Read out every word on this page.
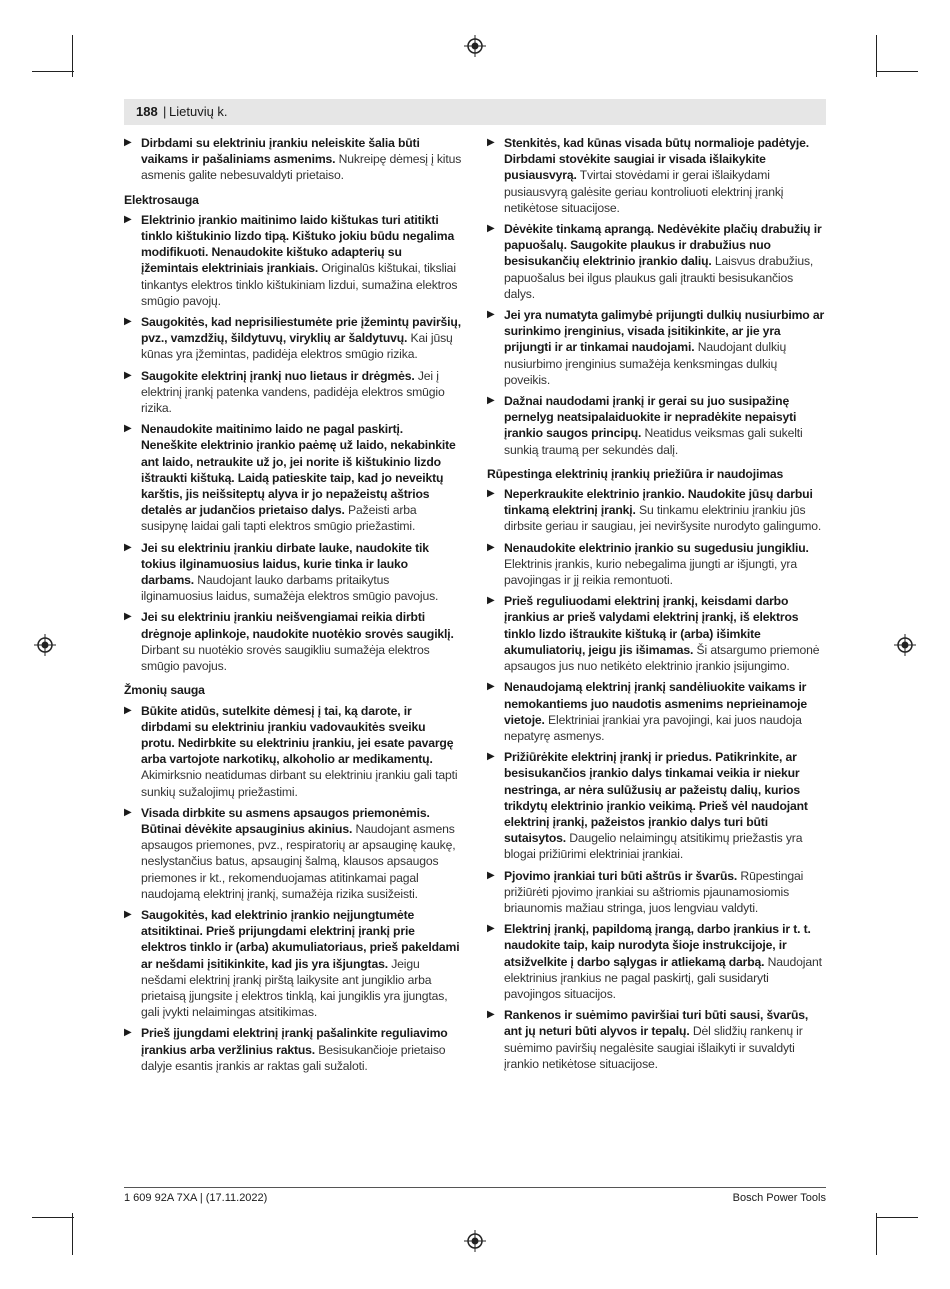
188 | Lietuvių k.
▶ Dirbdami su elektriniu įrankiu neleiskite šalia būti vaikams ir pašaliniams asmenims. Nukreipę dėmesį į kitus asmenis galite nebesuvaldyti prietaiso.
Elektrosauga
▶ Elektrinio įrankio maitinimo laido kištukas turi atitikti tinklo kištukinio lizdo tipą. Kištuko jokiu būdu negalima modifikuoti. Nenaudokite kištuko adapterių su įžemintais elektriniais įrankiais. Originalūs kištukai, tiksliai tinkantys elektros tinklo kištukiniam lizdui, sumažina elektros smūgio pavojų.
▶ Saugokitės, kad neprisiliestumėte prie įžemintų paviršių, pvz., vamzdžių, šildytuvų, viryklių ar šaldytuvų. Kai jūsų kūnas yra įžemintas, padidėja elektros smūgio rizika.
▶ Saugokite elektrinį įrankį nuo lietaus ir drėgmės. Jei į elektrinį įrankį patenka vandens, padidėja elektros smūgio rizika.
▶ Nenaudokite maitinimo laido ne pagal paskirtį. Neneškite elektrinio įrankio paėmę už laido, nekabinkite ant laido, netraukite už jo, jei norite iš kištukinio lizdo ištraukti kištuką. Laidą patieskite taip, kad jo neveiktų karštis, jis neišsiteptų alyva ir jo nepažeistų aštrios detalės ar judančios prietaiso dalys. Pažeisti arba susipynę laidai gali tapti elektros smūgio priežastimi.
▶ Jei su elektriniu įrankiu dirbate lauke, naudokite tik tokius ilginamuosius laidus, kurie tinka ir lauko darbams. Naudojant lauko darbams pritaikytus ilginamuosius laidus, sumažėja elektros smūgio pavojus.
▶ Jei su elektriniu įrankiu neišvengiamai reikia dirbti drėgnoje aplinkoje, naudokite nuotėkio srovės saugiklį. Dirbant su nuotėkio srovės saugikliu sumažėja elektros smūgio pavojus.
Žmonių sauga
▶ Būkite atidūs, sutelkite dėmesį į tai, ką darote, ir dirbdami su elektriniu įrankiu vadovaukitės sveiku protu. Nedirbkite su elektriniu įrankiu, jei esate pavargę arba vartojote narkotikų, alkoholio ar medikamentų. Akimirksnio neatidumas dirbant su elektriniu įrankiu gali tapti sunkių sužalojimų priežastimi.
▶ Visada dirbkite su asmens apsaugos priemonėmis. Būtinai dėvėkite apsauginius akinius. Naudojant asmens apsaugos priemones, pvz., respiratorių ar apsauginę kaukę, neslystančius batus, apsauginį šalmą, klausos apsaugos priemones ir kt., rekomenduojamas atitinkamai pagal naudojamą elektrinį įrankį, sumažėja rizika susižeisti.
▶ Saugokitės, kad elektrinio įrankio neįjungtumėte atsitiktinai. Prieš prijungdami elektrinį įrankį prie elektros tinklo ir (arba) akumuliatoriaus, prieš pakeldami ar nešdami įsitikinkite, kad jis yra išjungtas. Jeigu nešdami elektrinį įrankį pirštą laikysite ant jungiklio arba prietaisą įjungsite į elektros tinklą, kai jungiklis yra įjungtas, gali įvykti nelaimingas atsitikimas.
▶ Prieš įjungdami elektrinį įrankį pašalinkite reguliavimo įrankius arba veržlinius raktus. Besisukančioje prietaiso dalyje esantis įrankis ar raktas gali sužaloti.
▶ Stenkitės, kad kūnas visada būtų normalioje padėtyje. Dirbdami stovėkite saugiai ir visada išlaikykite pusiausvyrą. Tvirtai stovėdami ir gerai išlaikydami pusiausvyrą galėsite geriau kontroliuoti elektrinį įrankį netikėtose situacijose.
▶ Dėvėkite tinkamą aprangą. Nedėvėkite plačių drabužių ir papuošalų. Saugokite plaukus ir drabužius nuo besisukančių elektrinio įrankio dalių. Laisvus drabužius, papuošalus bei ilgus plaukus gali įtraukti besisukančios dalys.
▶ Jei yra numatyta galimybė prijungti dulkių nusiurbimo ar surinkimo įrenginius, visada įsitikinkite, ar jie yra prijungti ir ar tinkamai naudojami. Naudojant dulkių nusiurbimo įrenginius sumažėja kenksmingas dulkių poveikis.
▶ Dažnai naudodami įrankį ir gerai su juo susipažinę pernelyg neatsipalaiduokite ir nepradėkite nepaisyti įrankio saugos principų. Neatidus veiksmas gali sukelti sunkią traumą per sekundės dalį.
Rūpestinga elektrinių įrankių priežiūra ir naudojimas
▶ Neperkraukite elektrinio įrankio. Naudokite jūsų darbui tinkamą elektrinį įrankį. Su tinkamu elektriniu įrankiu jūs dirbsite geriau ir saugiau, jei neviršysite nurodyto galingumo.
▶ Nenaudokite elektrinio įrankio su sugedusiu jungikliu. Elektrinis įrankis, kurio nebegalima įjungti ar išjungti, yra pavojingas ir jį reikia remontuoti.
▶ Prieš reguliuodami elektrinį įrankį, keisdami darbo įrankius ar prieš valydami elektrinį įrankį, iš elektros tinklo lizdo ištraukite kištuką ir (arba) išimkite akumuliatorių, jeigu jis išimamas. Ši atsargumo priemonė apsaugos jus nuo netikėto elektrinio įrankio įsijungimo.
▶ Nenaudojamą elektrinį įrankį sandėliuokite vaikams ir nemokantiems juo naudotis asmenims neprieinamoje vietoje. Elektriniai įrankiai yra pavojingi, kai juos naudoja nepatyrę asmenys.
▶ Prižiūrėkite elektrinį įrankį ir priedus. Patikrinkite, ar besisukančios įrankio dalys tinkamai veikia ir niekur nestringa, ar nėra sulūžusių ar pažeistų dalių, kurios trikdytų elektrinio įrankio veikimą. Prieš vėl naudojant elektrinį įrankį, pažeistos įrankio dalys turi būti sutaisytos. Daugelio nelaimingų atsitikimų priežastis yra blogai prižiūrimi elektriniai įrankiai.
▶ Pjovimo įrankiai turi būti aštrūs ir švarūs. Rūpestingai prižiūrėti pjovimo įrankiai su aštriomis pjaunamosiomis briaunomis mažiau stringa, juos lengviau valdyti.
▶ Elektrinį įrankį, papildomą įrangą, darbo įrankius ir t. t. naudokite taip, kaip nurodyta šioje instrukcijoje, ir atsižvelkite į darbo sąlygas ir atliekamą darbą. Naudojant elektrinius įrankius ne pagal paskirtį, gali susidaryti pavojingos situacijos.
▶ Rankenos ir suėmimo paviršiai turi būti sausi, švarūs, ant jų neturi būti alyvos ir tepalų. Dėl slidžių rankenų ir suėmimo paviršių negalėsite saugiai išlaikyti ir suvaldyti įrankio netikėtose situacijose.
1 609 92A 7XA | (17.11.2022)	Bosch Power Tools
